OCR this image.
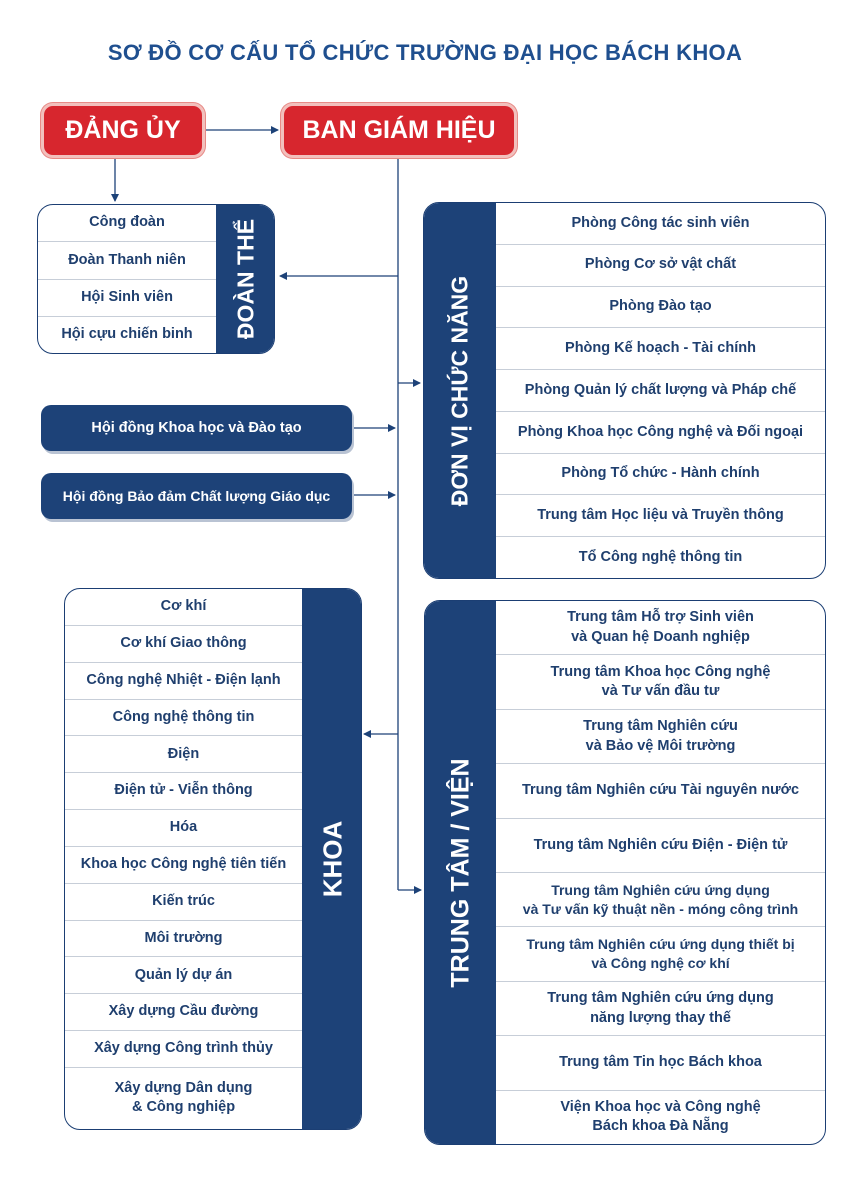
SƠ ĐỒ CƠ CẤU TỔ CHỨC TRƯỜNG ĐẠI HỌC BÁCH KHOA
ĐẢNG ỦY	BAN GIÁM HIỆU
Công đoàn
Đoàn Thanh niên
Hội Sinh viên
Hội cựu chiến binh ĐOÀN THỂ
Hội đồng Khoa học và Đào tạo
Hội đồng Bảo đảm Chất lượng Giáo dục	ĐƠN VỊ CHỨC NĂNG
Phòng Công tác sinh viên
Phòng Cơ sở vật chất
Phòng Đào tạo
Phòng Kế hoạch - Tài chính
Phòng Quản lý chất lượng và Pháp chế
Phòng Khoa học Công nghệ và Đối ngoại
Phòng Tổ chức - Hành chính
Trung tâm Học liệu và Truyền thông
Tổ Công nghệ thông tin
Cơ khí
Cơ khí Giao thông
Công nghệ Nhiệt - Điện lạnh
Công nghệ thông tin
Điện
Điện tử - Viễn thông
Hóa
Khoa học Công nghệ tiên tiến
Kiến trúc
Môi trường
Quản lý dự án
Xây dựng Cầu đường
Xây dựng Công trình thủy
Xây dựng Dân dụng
& Công nghiệp
KHOA	TRUNG TÂM / VIỆN
Trung tâm Hỗ trợ Sinh viên
và Quan hệ Doanh nghiệp
Trung tâm Khoa học Công nghệ
và Tư vấn đầu tư
Trung tâm Nghiên cứu
và Bảo vệ Môi trường
Trung tâm Nghiên cứu Tài nguyên nước
Trung tâm Nghiên cứu Điện - Điện tử
Trung tâm Nghiên cứu ứng dụng
và Tư vấn kỹ thuật nền - móng công trình
Trung tâm Nghiên cứu ứng dụng thiết bị
và Công nghệ cơ khí
Trung tâm Nghiên cứu ứng dụng
năng lượng thay thế
Trung tâm Tin học Bách khoa
Viện Khoa học và Công nghệ
Bách khoa Đà Nẵng
